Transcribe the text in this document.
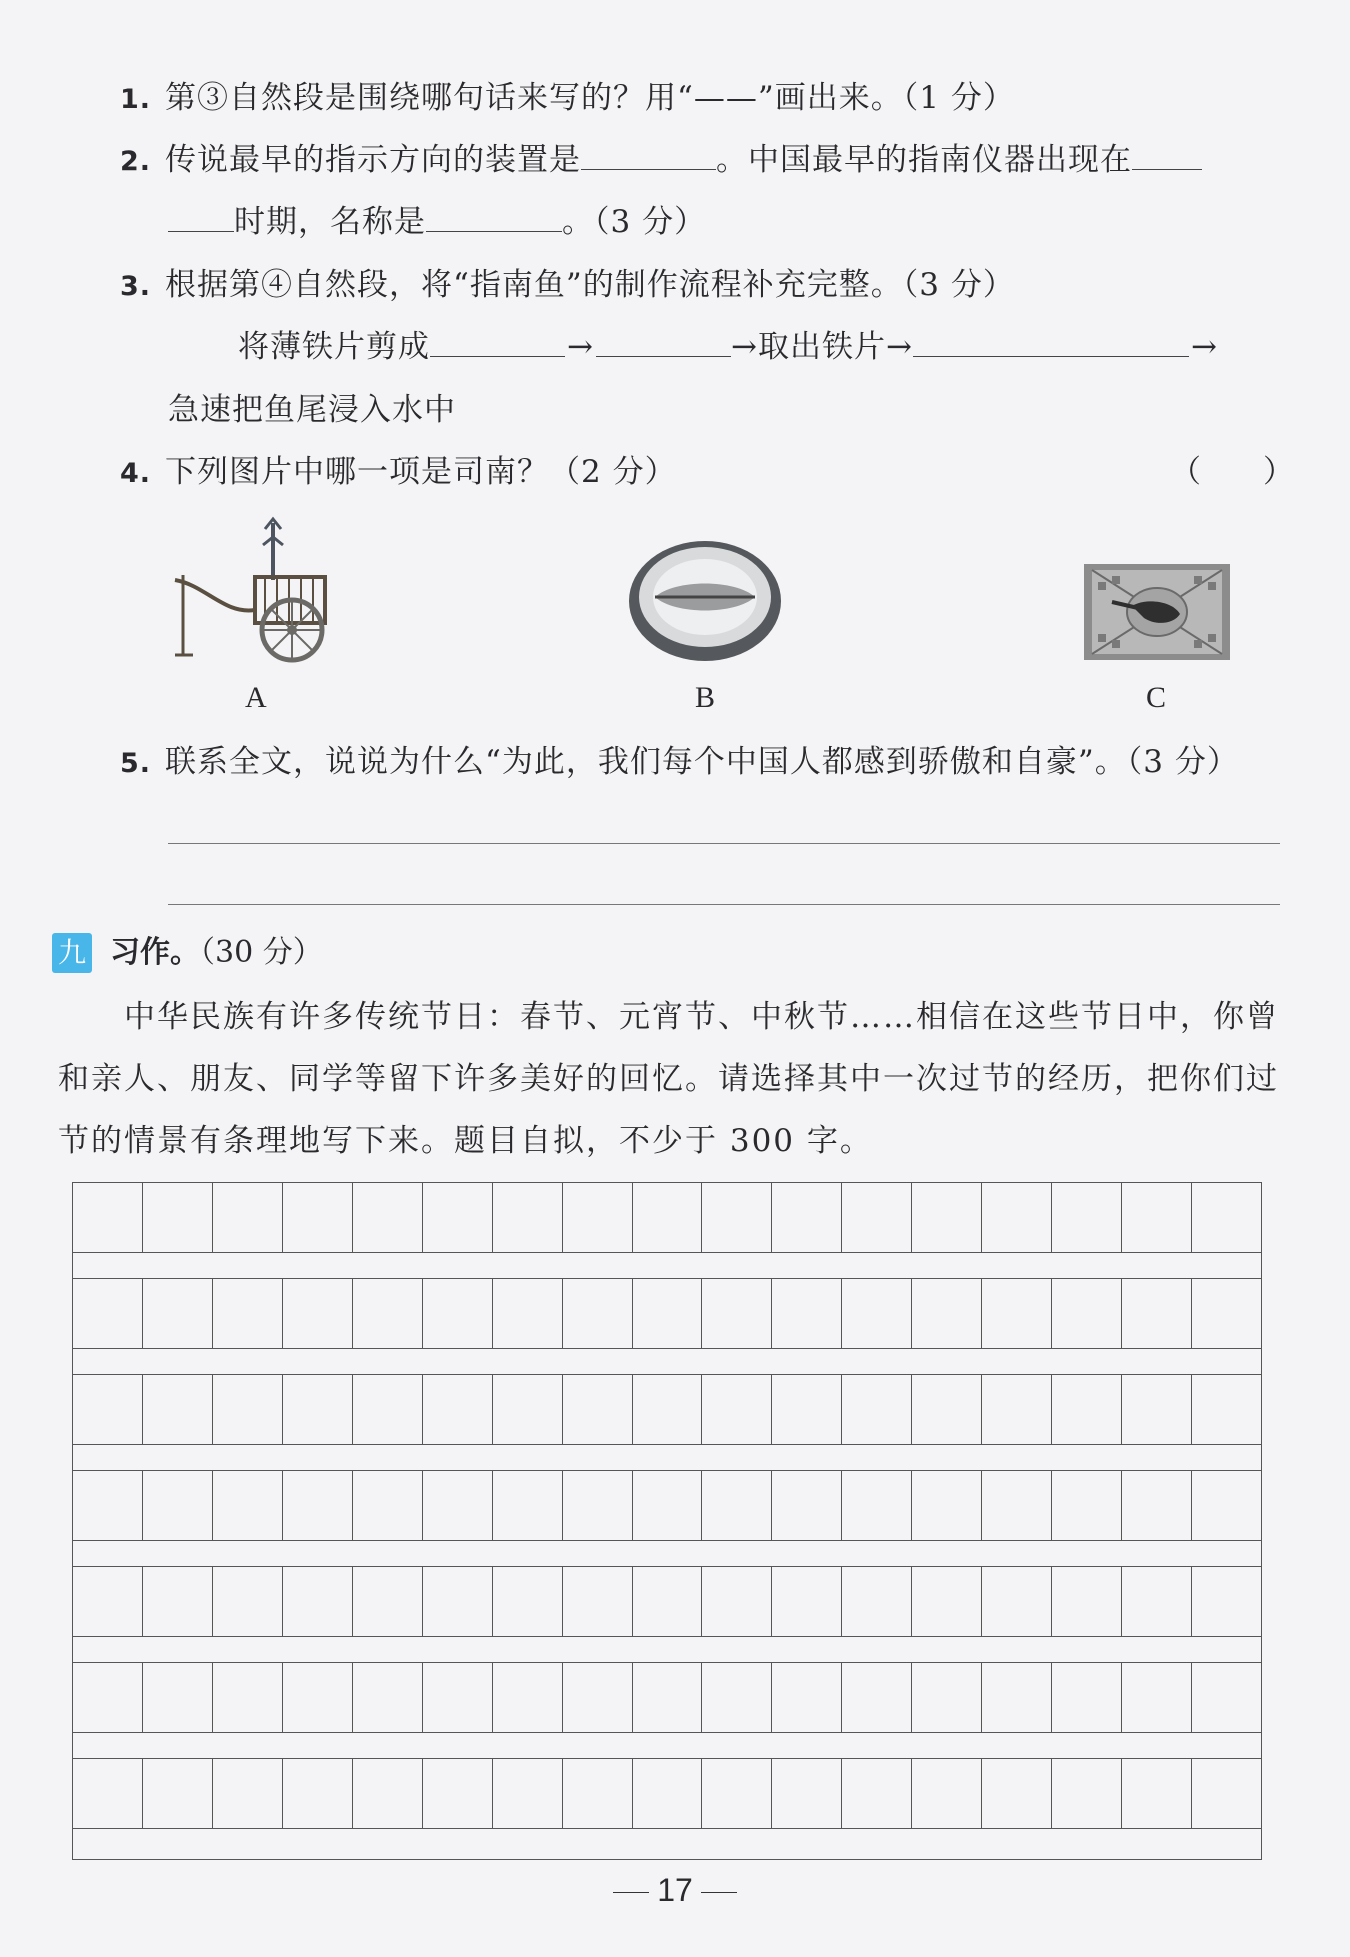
1. 第③自然段是围绕哪句话来写的？用“——”画出来。（1 分）
2. 传说最早的指示方向的装置是	。中国最早的指南仪器出现在
时期，名称是	。（3 分）
3. 根据第④自然段，将“指南鱼”的制作流程补充完整。（3 分）
将薄铁片剪成	→	→取出铁片→	→
急速把鱼尾浸入水中
4. 下列图片中哪一项是司南？（2 分）	（　　）
A	B	C
5. 联系全文，说说为什么“为此，我们每个中国人都感到骄傲和自豪”。（3 分）
九 习作。（30 分）
中华民族有许多传统节日：春节、元宵节、中秋节……相信在这些节日中，你曾和亲人、朋友、同学等留下许多美好的回忆。请选择其中一次过节的经历，把你们过节的情景有条理地写下来。题目自拟，不少于 300 字。
17
